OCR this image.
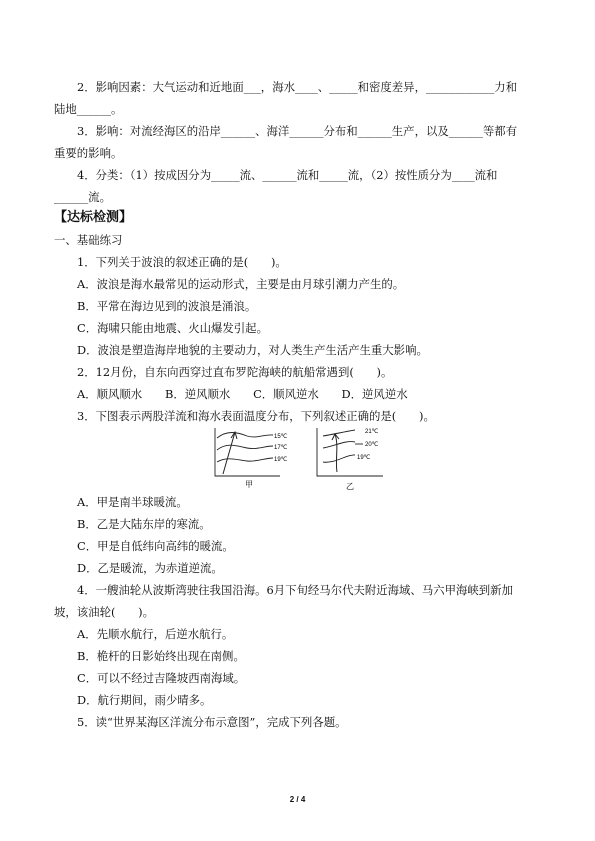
2．影响因素：大气运动和近地面___，海水____、_____和密度差异，____________力和
陆地______。
3．影响：对流经海区的沿岸______、海洋______分布和______生产，以及______等都有
重要的影响。
4．分类：（1）按成因分为_____流、______流和_____流，（2）按性质分为____流和
______流。
【达标检测】
一、基础练习
1．下列关于波浪的叙述正确的是(　　)。
A．波浪是海水最常见的运动形式，主要是由月球引潮力产生的。
B．平常在海边见到的波浪是涌浪。
C．海啸只能由地震、火山爆发引起。
D．波浪是塑造海岸地貌的主要动力，对人类生产生活产生重大影响。
2．12月份，自东向西穿过直布罗陀海峡的航船常遇到(　　)。
A．顺风顺水　　B．逆风顺水　　C．顺风逆水　　D．逆风逆水
3．下图表示两股洋流和海水表面温度分布，下列叙述正确的是(　　)。
15℃
17℃
19℃
甲
21℃
20℃
19℃
乙
A．甲是南半球暖流。
B．乙是大陆东岸的寒流。
C．甲是自低纬向高纬的暖流。
D．乙是暖流，为赤道逆流。
4．一艘油轮从波斯湾驶往我国沿海。6月下旬经马尔代夫附近海域、马六甲海峡到新加
坡，该油轮(　　)。
A．先顺水航行，后逆水航行。
B．桅杆的日影始终出现在南侧。
C．可以不经过吉隆坡西南海域。
D．航行期间，雨少晴多。
5．读“世界某海区洋流分布示意图”，完成下列各题。
2 / 4
